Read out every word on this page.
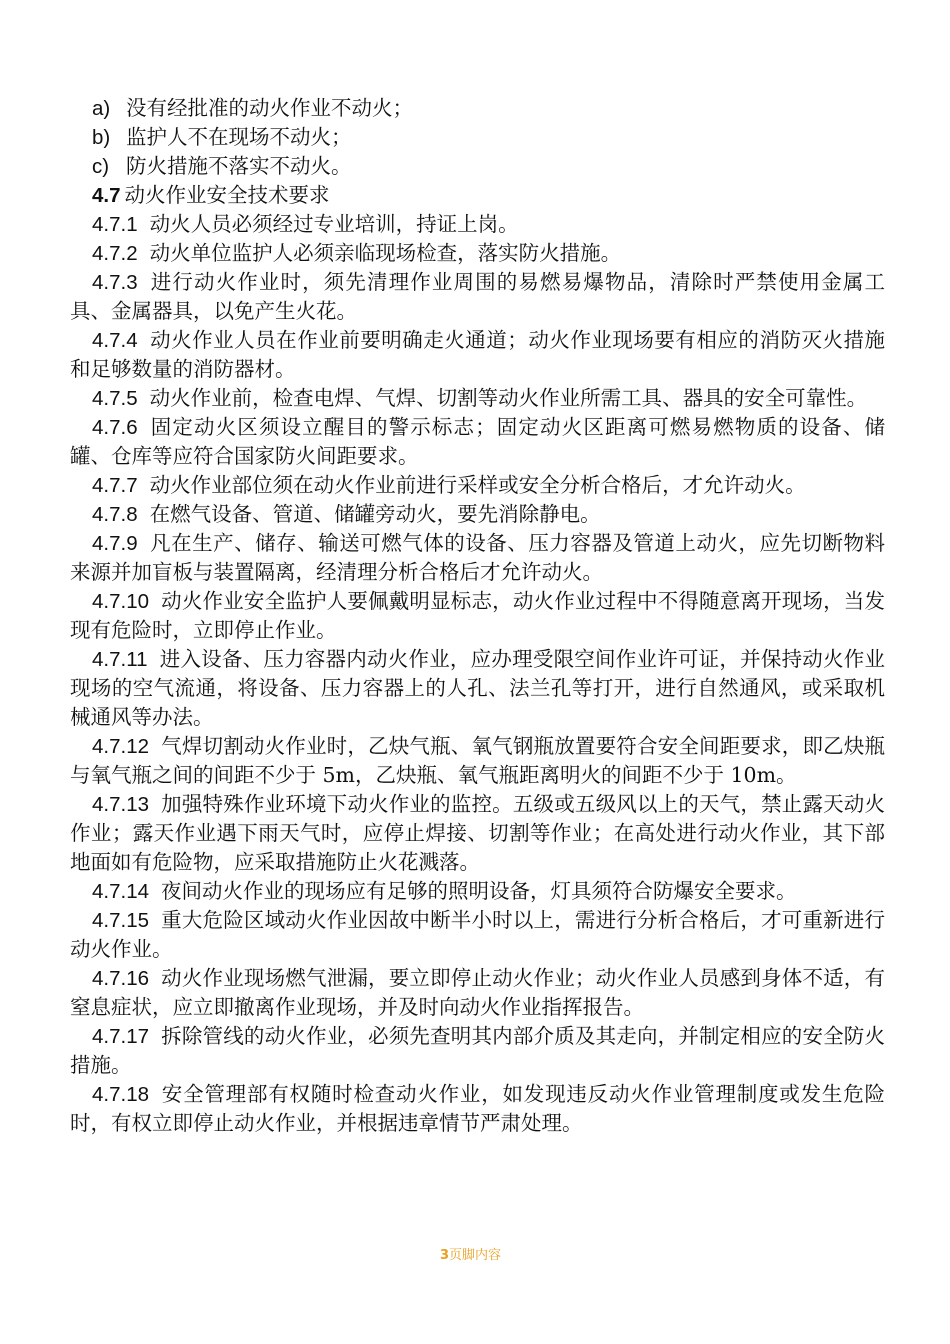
a) 没有经批准的动火作业不动火；

b) 监护人不在现场不动火；

c) 防火措施不落实不动火。

4.7 动火作业安全技术要求

4.7.1 动火人员必须经过专业培训，持证上岗。

4.7.2 动火单位监护人必须亲临现场检查，落实防火措施。

4.7.3 进行动火作业时，须先清理作业周围的易燃易爆物品，清除时严禁使用金属工具、金属器具，以免产生火花。

4.7.4 动火作业人员在作业前要明确走火通道；动火作业现场要有相应的消防灭火措施和足够数量的消防器材。

4.7.5 动火作业前，检查电焊、气焊、切割等动火作业所需工具、器具的安全可靠性。

4.7.6 固定动火区须设立醒目的警示标志；固定动火区距离可燃易燃物质的设备、储罐、仓库等应符合国家防火间距要求。

4.7.7 动火作业部位须在动火作业前进行采样或安全分析合格后，才允许动火。

4.7.8 在燃气设备、管道、储罐旁动火，要先消除静电。

4.7.9 凡在生产、储存、输送可燃气体的设备、压力容器及管道上动火，应先切断物料来源并加盲板与装置隔离，经清理分析合格后才允许动火。

4.7.10 动火作业安全监护人要佩戴明显标志，动火作业过程中不得随意离开现场，当发现有危险时，立即停止作业。

4.7.11 进入设备、压力容器内动火作业，应办理受限空间作业许可证，并保持动火作业现场的空气流通，将设备、压力容器上的人孔、法兰孔等打开，进行自然通风，或采取机械通风等办法。

4.7.12 气焊切割动火作业时，乙炔气瓶、氧气钢瓶放置要符合安全间距要求，即乙炔瓶与氧气瓶之间的间距不少于 5m，乙炔瓶、氧气瓶距离明火的间距不少于 10m。

4.7.13 加强特殊作业环境下动火作业的监控。五级或五级风以上的天气，禁止露天动火作业；露天作业遇下雨天气时，应停止焊接、切割等作业；在高处进行动火作业，其下部地面如有危险物，应采取措施防止火花溅落。

4.7.14 夜间动火作业的现场应有足够的照明设备，灯具须符合防爆安全要求。

4.7.15 重大危险区域动火作业因故中断半小时以上，需进行分析合格后，才可重新进行动火作业。

4.7.16 动火作业现场燃气泄漏，要立即停止动火作业；动火作业人员感到身体不适，有窒息症状，应立即撤离作业现场，并及时向动火作业指挥报告。

4.7.17 拆除管线的动火作业，必须先查明其内部介质及其走向，并制定相应的安全防火措施。

4.7.18 安全管理部有权随时检查动火作业，如发现违反动火作业管理制度或发生危险时，有权立即停止动火作业，并根据违章情节严肃处理。

3页脚内容
